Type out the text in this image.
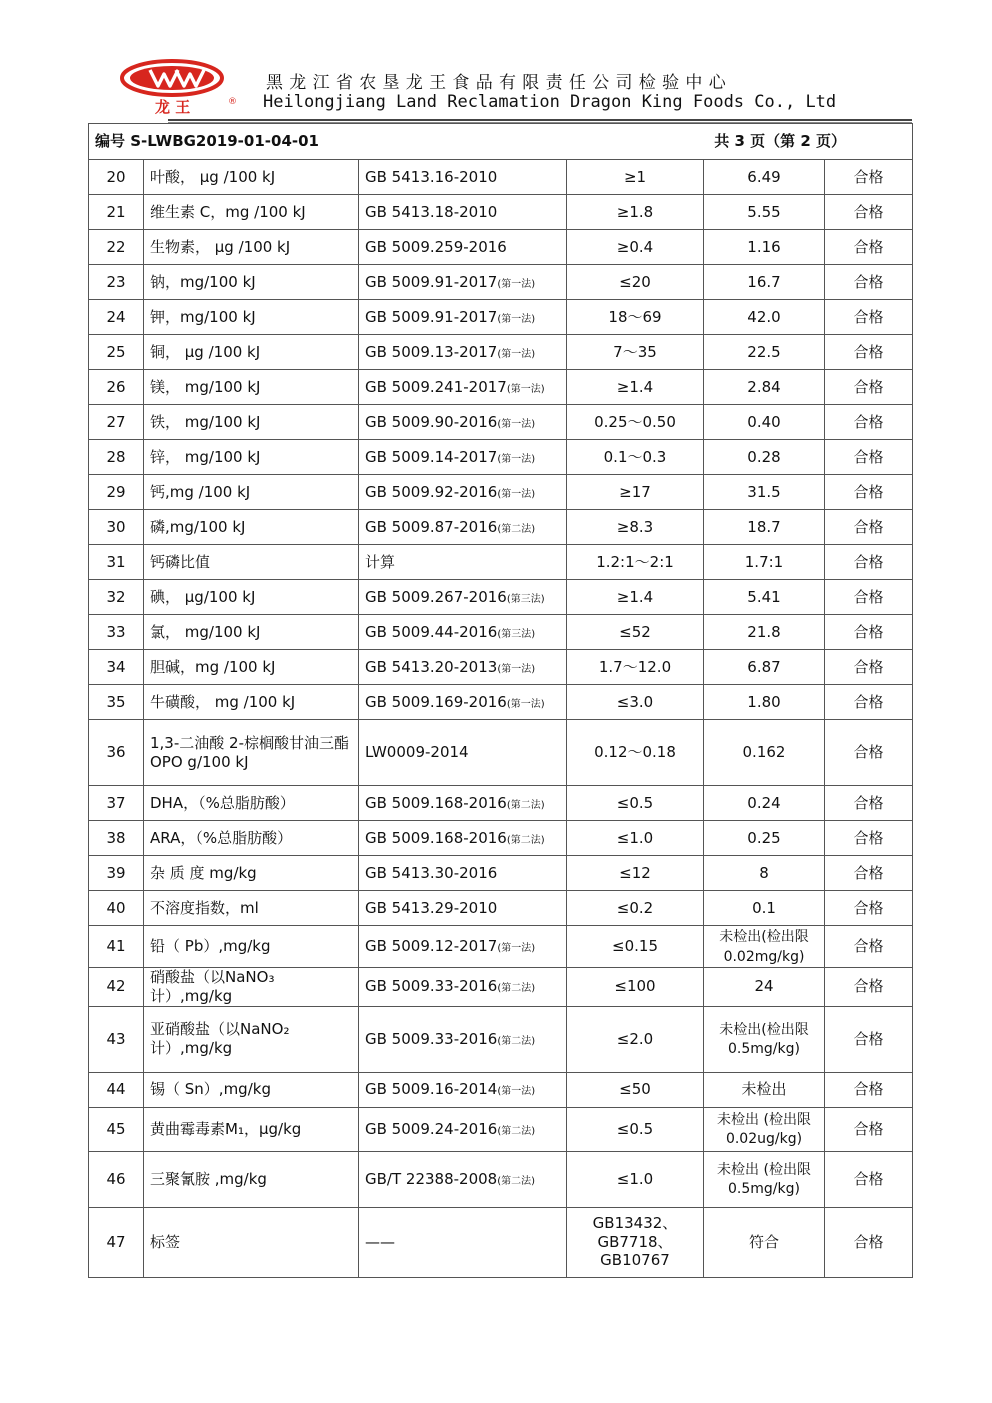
龙 王	®
黑龙江省农垦龙王食品有限责任公司检验中心
Heilongjiang Land Reclamation Dragon King Foods Co., Ltd
编号 S-LWBG2019-01-04-01 共 3 页（第 2 页）					

20	叶酸， μg /100 kJ	GB 5413.16-2010	≥1	6.49	合格
21	维生素 C，mg /100 kJ	GB 5413.18-2010	≥1.8	5.55	合格
22	生物素， μg /100 kJ	GB 5009.259-2016	≥0.4	1.16	合格
23	钠，mg/100 kJ	GB 5009.91-2017(第一法)	≤20	16.7	合格
24	钾，mg/100 kJ	GB 5009.91-2017(第一法)	18～69	42.0	合格
25	铜， μg /100 kJ	GB 5009.13-2017(第一法)	7～35	22.5	合格
26	镁， mg/100 kJ	GB 5009.241-2017(第一法)	≥1.4	2.84	合格
27	铁， mg/100 kJ	GB 5009.90-2016(第一法)	0.25～0.50	0.40	合格
28	锌， mg/100 kJ	GB 5009.14-2017(第一法)	0.1～0.3	0.28	合格
29	钙,mg /100 kJ	GB 5009.92-2016(第一法)	≥17	31.5	合格
30	磷,mg/100 kJ	GB 5009.87-2016(第二法)	≥8.3	18.7	合格
31	钙磷比值	计算	1.2:1～2:1	1.7:1	合格
32	碘， μg/100 kJ	GB 5009.267-2016(第三法)	≥1.4	5.41	合格
33	氯， mg/100 kJ	GB 5009.44-2016(第三法)	≤52	21.8	合格
34	胆碱，mg /100 kJ	GB 5413.20-2013(第一法)	1.7～12.0	6.87	合格
35	牛磺酸， mg /100 kJ	GB 5009.169-2016(第一法)	≤3.0	1.80	合格
36	1,3-二油酸 2-棕榈酸甘油三酯 OPO g/100 kJ	LW0009-2014	0.12～0.18	0.162	合格
37	DHA，（%总脂肪酸）	GB 5009.168-2016(第二法)	≤0.5	0.24	合格
38	ARA，（%总脂肪酸）	GB 5009.168-2016(第二法)	≤1.0	0.25	合格
39	杂 质 度 mg/kg	GB 5413.30-2016	≤12	8	合格
40	不溶度指数，ml	GB 5413.29-2010	≤0.2	0.1	合格
41	铅（ Pb）,mg/kg	GB 5009.12-2017(第一法)	≤0.15	未检出(检出限 0.02mg/kg)	合格
42	硝酸盐（以NaNO₃计）,mg/kg	GB 5009.33-2016(第二法)	≤100	24	合格
43	亚硝酸盐（以NaNO₂计）,mg/kg	GB 5009.33-2016(第二法)	≤2.0	未检出(检出限 0.5mg/kg)	合格
44	锡（ Sn）,mg/kg	GB 5009.16-2014(第一法)	≤50	未检出	合格
45	黄曲霉毒素M₁，μg/kg	GB 5009.24-2016(第二法)	≤0.5	未检出 (检出限 0.02ug/kg)	合格
46	三聚氰胺 ,mg/kg	GB/T 22388-2008(第二法)	≤1.0	未检出 (检出限 0.5mg/kg)	合格
47	标签	——	GB13432、GB7718、GB10767	符合	合格
